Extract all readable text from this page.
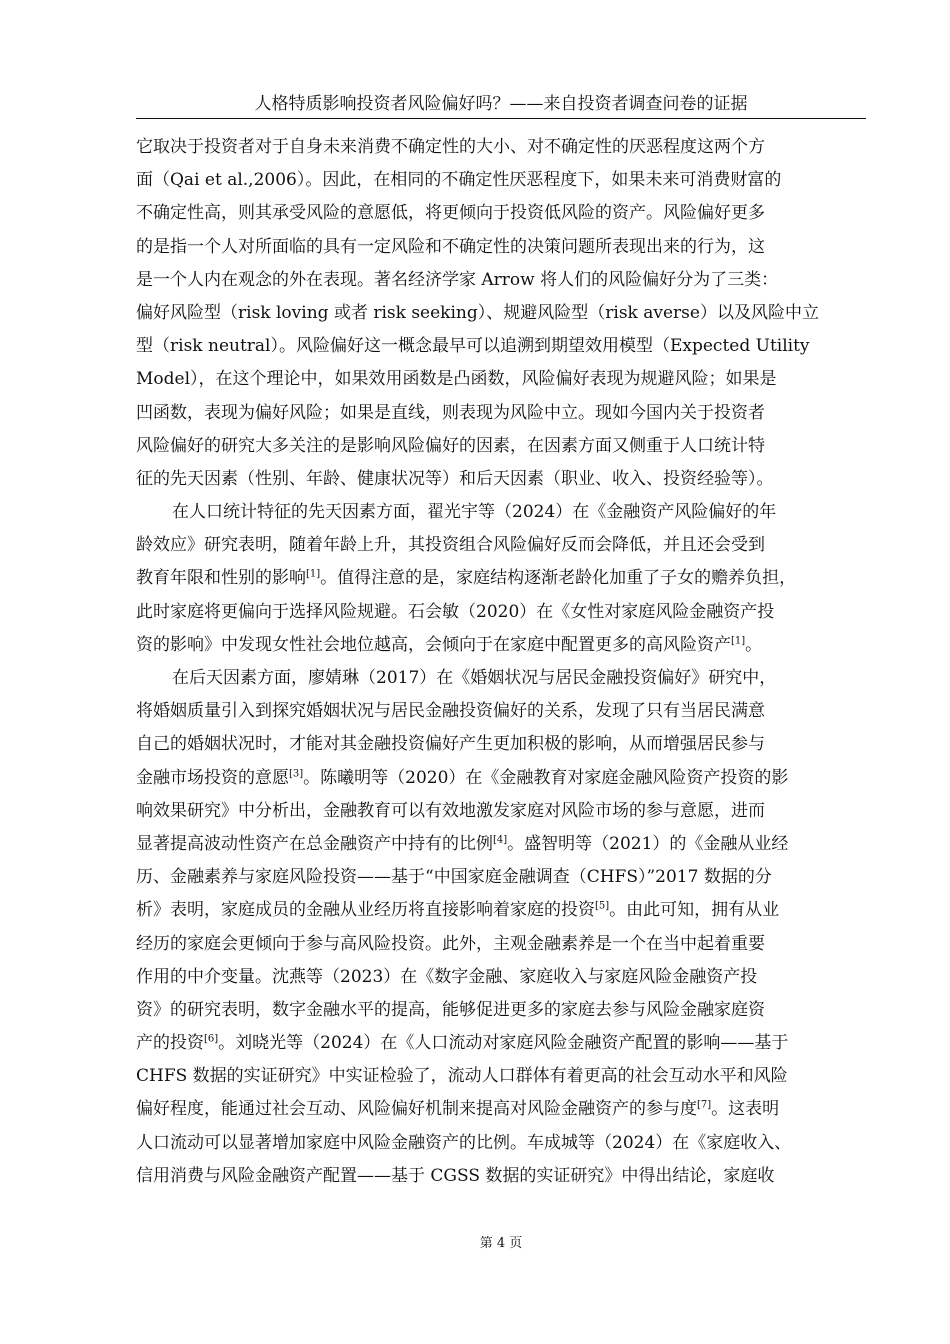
人格特质影响投资者风险偏好吗？——来自投资者调查问卷的证据
它取决于投资者对于自身未来消费不确定性的大小、对不确定性的厌恶程度这两个方
面（Qai et al.,2006）。因此，在相同的不确定性厌恶程度下，如果未来可消费财富的
不确定性高，则其承受风险的意愿低，将更倾向于投资低风险的资产。风险偏好更多
的是指一个人对所面临的具有一定风险和不确定性的决策问题所表现出来的行为，这
是一个人内在观念的外在表现。著名经济学家 Arrow 将人们的风险偏好分为了三类：
偏好风险型（risk loving 或者 risk seeking）、规避风险型（risk averse）以及风险中立
型（risk neutral）。风险偏好这一概念最早可以追溯到期望效用模型（Expected Utility
Model），在这个理论中，如果效用函数是凸函数，风险偏好表现为规避风险；如果是
凹函数，表现为偏好风险；如果是直线，则表现为风险中立。现如今国内关于投资者
风险偏好的研究大多关注的是影响风险偏好的因素，在因素方面又侧重于人口统计特
征的先天因素（性别、年龄、健康状况等）和后天因素（职业、收入、投资经验等）。
在人口统计特征的先天因素方面，翟光宇等（2024）在《金融资产风险偏好的年
龄效应》研究表明，随着年龄上升，其投资组合风险偏好反而会降低，并且还会受到
教育年限和性别的影响[1]。值得注意的是，家庭结构逐渐老龄化加重了子女的赡养负担，
此时家庭将更偏向于选择风险规避。石会敏（2020）在《女性对家庭风险金融资产投
资的影响》中发现女性社会地位越高，会倾向于在家庭中配置更多的高风险资产[1]。
在后天因素方面，廖婧琳（2017）在《婚姻状况与居民金融投资偏好》研究中，
将婚姻质量引入到探究婚姻状况与居民金融投资偏好的关系，发现了只有当居民满意
自己的婚姻状况时，才能对其金融投资偏好产生更加积极的影响，从而增强居民参与
金融市场投资的意愿[3]。陈曦明等（2020）在《金融教育对家庭金融风险资产投资的影
响效果研究》中分析出，金融教育可以有效地激发家庭对风险市场的参与意愿，进而
显著提高波动性资产在总金融资产中持有的比例[4]。盛智明等（2021）的《金融从业经
历、金融素养与家庭风险投资——基于“中国家庭金融调查（CHFS）”2017 数据的分
析》表明，家庭成员的金融从业经历将直接影响着家庭的投资[5]。由此可知，拥有从业
经历的家庭会更倾向于参与高风险投资。此外，主观金融素养是一个在当中起着重要
作用的中介变量。沈燕等（2023）在《数字金融、家庭收入与家庭风险金融资产投
资》的研究表明，数字金融水平的提高，能够促进更多的家庭去参与风险金融家庭资
产的投资[6]。刘晓光等（2024）在《人口流动对家庭风险金融资产配置的影响——基于
CHFS 数据的实证研究》中实证检验了，流动人口群体有着更高的社会互动水平和风险
偏好程度，能通过社会互动、风险偏好机制来提高对风险金融资产的参与度[7]。这表明
人口流动可以显著增加家庭中风险金融资产的比例。车成城等（2024）在《家庭收入、
信用消费与风险金融资产配置——基于 CGSS 数据的实证研究》中得出结论，家庭收
第 4 页
